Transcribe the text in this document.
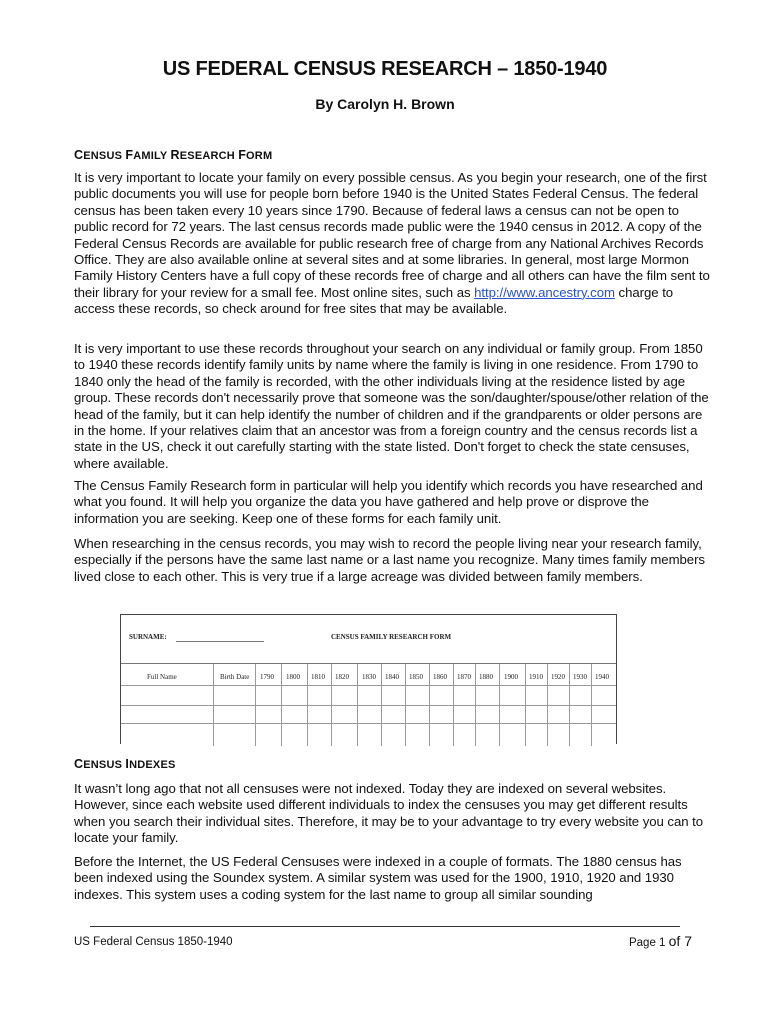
US FEDERAL CENSUS RESEARCH – 1850-1940
By Carolyn H. Brown
CENSUS FAMILY RESEARCH FORM

It is very important to locate your family on every possible census. As you begin your research, one of the first public documents you will use for people born before 1940 is the United States Federal Census. The federal census has been taken every 10 years since 1790. Because of federal laws a census can not be open to public record for 72 years. The last census records made public were the 1940 census in 2012. A copy of the Federal Census Records are available for public research free of charge from any National Archives Records Office. They are also available online at several sites and at some libraries. In general, most large Mormon Family History Centers have a full copy of these records free of charge and all others can have the film sent to their library for your review for a small fee. Most online sites, such as http://www.ancestry.com charge to access these records, so check around for free sites that may be available.

It is very important to use these records throughout your search on any individual or family group. From 1850 to 1940 these records identify family units by name where the family is living in one residence. From 1790 to 1840 only the head of the family is recorded, with the other individuals living at the residence listed by age group. These records don't necessarily prove that someone was the son/daughter/spouse/other relation of the head of the family, but it can help identify the number of children and if the grandparents or older persons are in the home. If your relatives claim that an ancestor was from a foreign country and the census records list a state in the US, check it out carefully starting with the state listed. Don't forget to check the state censuses, where available.

The Census Family Research form in particular will help you identify which records you have researched and what you found. It will help you organize the data you have gathered and help prove or disprove the information you are seeking. Keep one of these forms for each family unit.

When researching in the census records, you may wish to record the people living near your research family, especially if the persons have the same last name or a last name you recognize. Many times family members lived close to each other. This is very true if a large acreage was divided between family members.

SURNAME:	CENSUS FAMILY RESEARCH FORM
Full Name	Birth Date 1790 1800 1810 1820 1830 1840 1850 1860 1870 1880 1900 1910 1920 1930 1940
CENSUS INDEXES

It wasn’t long ago that not all censuses were not indexed. Today they are indexed on several websites. However, since each website used different individuals to index the censuses you may get different results when you search their individual sites. Therefore, it may be to your advantage to try every website you can to locate your family.

Before the Internet, the US Federal Censuses were indexed in a couple of formats. The 1880 census has been indexed using the Soundex system. A similar system was used for the 1900, 1910, 1920 and 1930 indexes. This system uses a coding system for the last name to group all similar sounding

US Federal Census 1850-1940	Page 1 of 7
